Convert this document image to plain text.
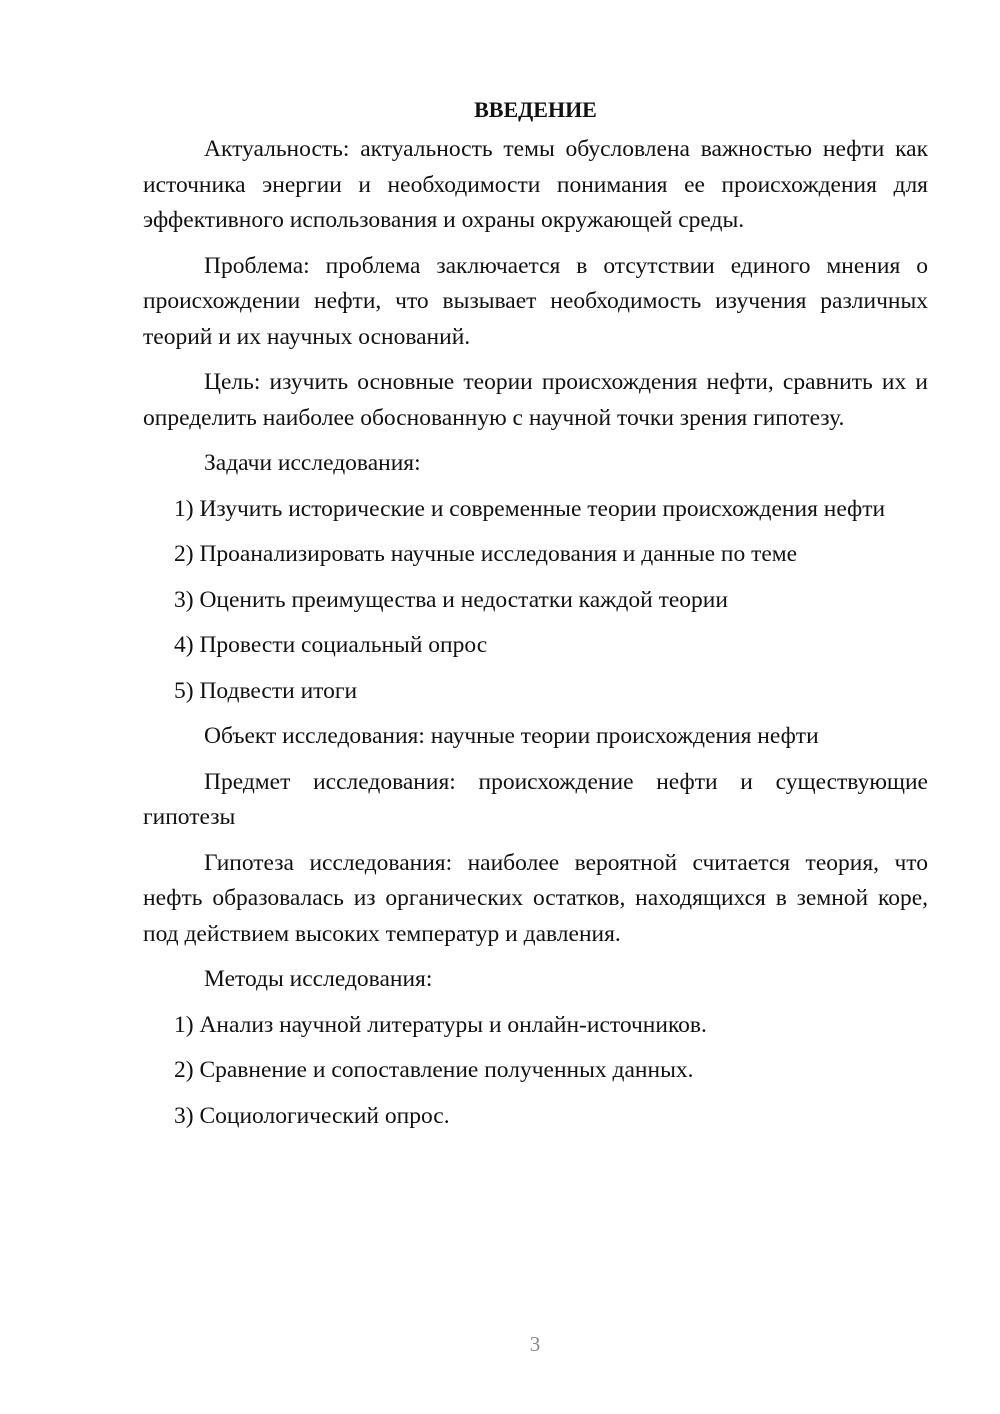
ВВЕДЕНИЕ

Актуальность: актуальность темы обусловлена важностью нефти как источника энергии и необходимости понимания ее происхождения для эффективного использования и охраны окружающей среды.

Проблема: проблема заключается в отсутствии единого мнения о происхождении нефти, что вызывает необходимость изучения различных теорий и их научных оснований.

Цель: изучить основные теории происхождения нефти, сравнить их и определить наиболее обоснованную с научной точки зрения гипотезу.

Задачи исследования:

1) Изучить исторические и современные теории происхождения нефти

2) Проанализировать научные исследования и данные по теме

3) Оценить преимущества и недостатки каждой теории

4) Провести социальный опрос

5) Подвести итоги

Объект исследования: научные теории происхождения нефти

Предмет исследования: происхождение нефти и существующие гипотезы

Гипотеза исследования: наиболее вероятной считается теория, что нефть образовалась из органических остатков, находящихся в земной коре, под действием высоких температур и давления.

Методы исследования:

1) Анализ научной литературы и онлайн-источников.

2) Сравнение и сопоставление полученных данных.

3) Социологический опрос.

3
